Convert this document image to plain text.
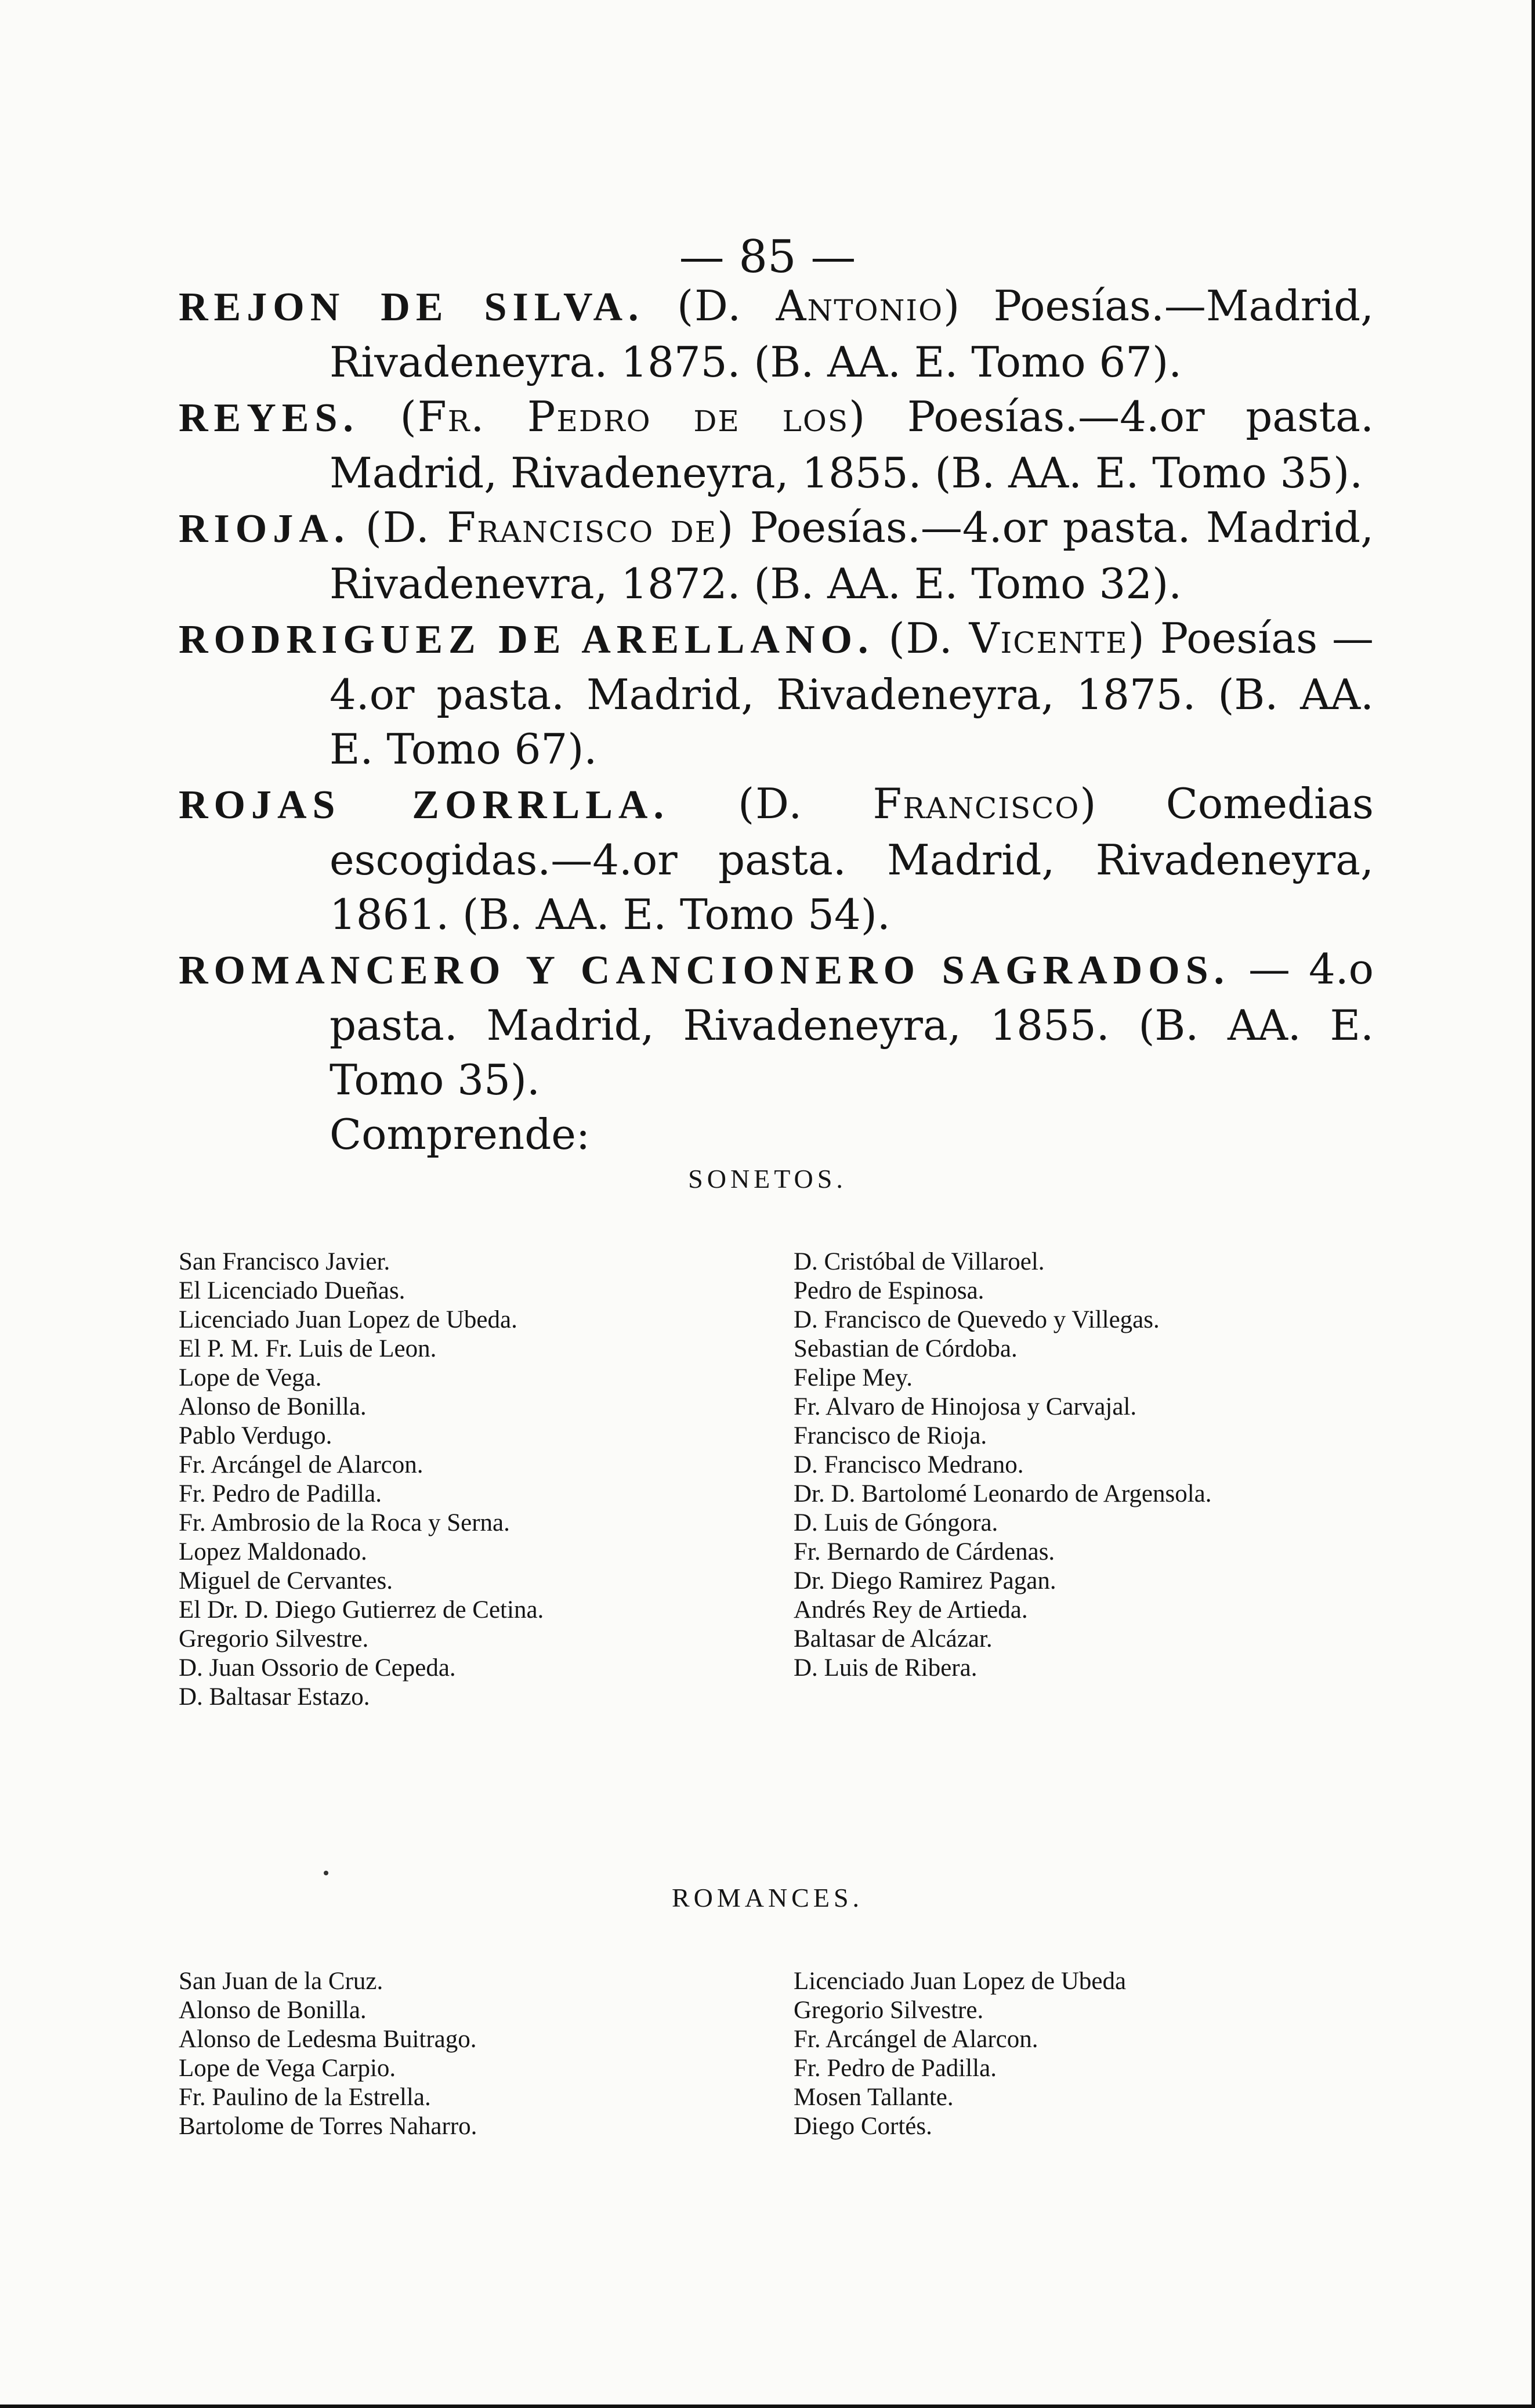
— 85 —

REJON DE SILVA. (D. Antonio) Poesías.—Madrid, Rivadeneyra. 1875. (B. AA. E. Tomo 67).

REYES. (Fr. Pedro de los) Poesías.—4.or pasta. Madrid, Rivadeneyra, 1855. (B. AA. E. Tomo 35).

RIOJA. (D. Francisco de) Poesías.—4.or pasta. Madrid, Rivadenevra, 1872. (B. AA. E. Tomo 32).

RODRIGUEZ DE ARELLANO. (D. Vicente) Poesías —4.or pasta. Madrid, Rivadeneyra, 1875. (B. AA. E. Tomo 67).

ROJAS ZORRLLA. (D. Francisco) Comedias escogidas.—4.or pasta. Madrid, Rivadeneyra, 1861. (B. AA. E. Tomo 54).

ROMANCERO Y CANCIONERO SAGRADOS. — 4.o pasta. Madrid, Rivadeneyra, 1855. (B. AA. E. Tomo 35).

Comprende:

SONETOS.

San Francisco Javier.

El Licenciado Dueñas.

Licenciado Juan Lopez de Ubeda.

El P. M. Fr. Luis de Leon.

Lope de Vega.

Alonso de Bonilla.

Pablo Verdugo.

Fr. Arcángel de Alarcon.

Fr. Pedro de Padilla.

Fr. Ambrosio de la Roca y Serna.

Lopez Maldonado.

Miguel de Cervantes.

El Dr. D. Diego Gutierrez de Cetina.

Gregorio Silvestre.

D. Juan Ossorio de Cepeda.

D. Baltasar Estazo.

D. Cristóbal de Villaroel.

Pedro de Espinosa.

D. Francisco de Quevedo y Villegas.

Sebastian de Córdoba.

Felipe Mey.

Fr. Alvaro de Hinojosa y Carvajal.

Francisco de Rioja.

D. Francisco Medrano.

Dr. D. Bartolomé Leonardo de Argensola.

D. Luis de Góngora.

Fr. Bernardo de Cárdenas.

Dr. Diego Ramirez Pagan.

Andrés Rey de Artieda.

Baltasar de Alcázar.

D. Luis de Ribera.

ROMANCES.

San Juan de la Cruz.

Alonso de Bonilla.

Alonso de Ledesma Buitrago.

Lope de Vega Carpio.

Fr. Paulino de la Estrella.

Bartolome de Torres Naharro.

Licenciado Juan Lopez de Ubeda

Gregorio Silvestre.

Fr. Arcángel de Alarcon.

Fr. Pedro de Padilla.

Mosen Tallante.

Diego Cortés.
